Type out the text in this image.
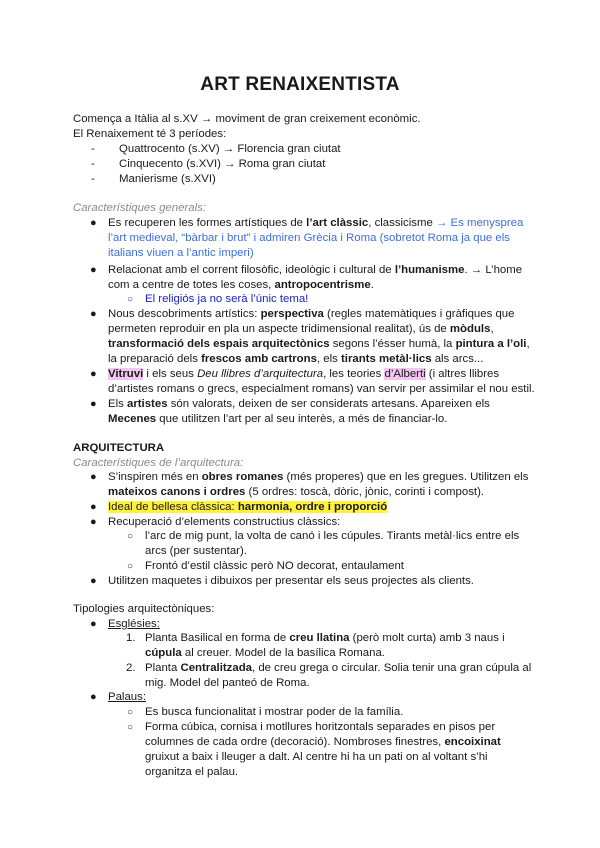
ART RENAIXENTISTA
Comença a Itàlia al s.XV → moviment de gran creixement econòmic.
El Renaixement té 3 períodes:
- Quattrocento (s.XV) → Florencia gran ciutat
- Cinquecento (s.XVI) → Roma gran ciutat
- Manierisme (s.XVI)
Característiques generals:
● Es recuperen les formes artístiques de l’art clàssic, classicisme → Es menysprea
l’art medieval, “bàrbar i brut” i admiren Grècia i Roma (sobretot Roma ja que els
italians viuen a l’antic imperi)
● Relacionat amb el corrent filosòfic, ideològic i cultural de l’humanisme. → L’home
com a centre de totes les coses, antropocentrisme.
○ El religiós ja no serà l’únic tema!
● Nous descobriments artístics: perspectiva (regles matemàtiques i gràfiques que
permeten reproduir en pla un aspecte tridimensional realitat), ús de mòduls,
transformació dels espais arquitectònics segons l’ésser humà, la pintura a l’oli,
la preparació dels frescos amb cartrons, els tirants metàl·lics als arcs...
● Vitruvi i els seus Deu llibres d’arquitectura, les teories d’Alberti (i altres llibres
d’artistes romans o grecs, especialment romans) van servir per assimilar el nou estil.
● Els artistes són valorats, deixen de ser considerats artesans. Apareixen els
Mecenes que utilitzen l’art per al seu interès, a més de financiar-lo.
ARQUITECTURA
Característiques de l’arquitectura:
● S’inspiren més en obres romanes (més properes) que en les gregues. Utilitzen els
mateixos canons i ordres (5 ordres: toscà, dòric, jònic, corinti i compost).
● Ideal de bellesa clàssica: harmonia, ordre i proporció
● Recuperació d’elements constructius clàssics:
○ l’arc de mig punt, la volta de canó i les cúpules. Tirants metàl·lics entre els
arcs (per sustentar).
○ Frontó d’estil clàssic però NO decorat, entaulament
● Utilitzen maquetes i dibuixos per presentar els seus projectes als clients.
Tipologies arquitectòniques:
● Esglésies:
1. Planta Basilical en forma de creu llatina (però molt curta) amb 3 naus i
cúpula al creuer. Model de la basílica Romana.
2. Planta Centralitzada, de creu grega o circular. Solia tenir una gran cúpula al
mig. Model del panteó de Roma.
● Palaus:
○ Es busca funcionalitat i mostrar poder de la família.
○ Forma cúbica, cornisa i motllures horitzontals separades en pisos per
columnes de cada ordre (decoració). Nombroses finestres, encoixinat
gruixut a baix i lleuger a dalt. Al centre hi ha un pati on al voltant s’hi
organitza el palau.
